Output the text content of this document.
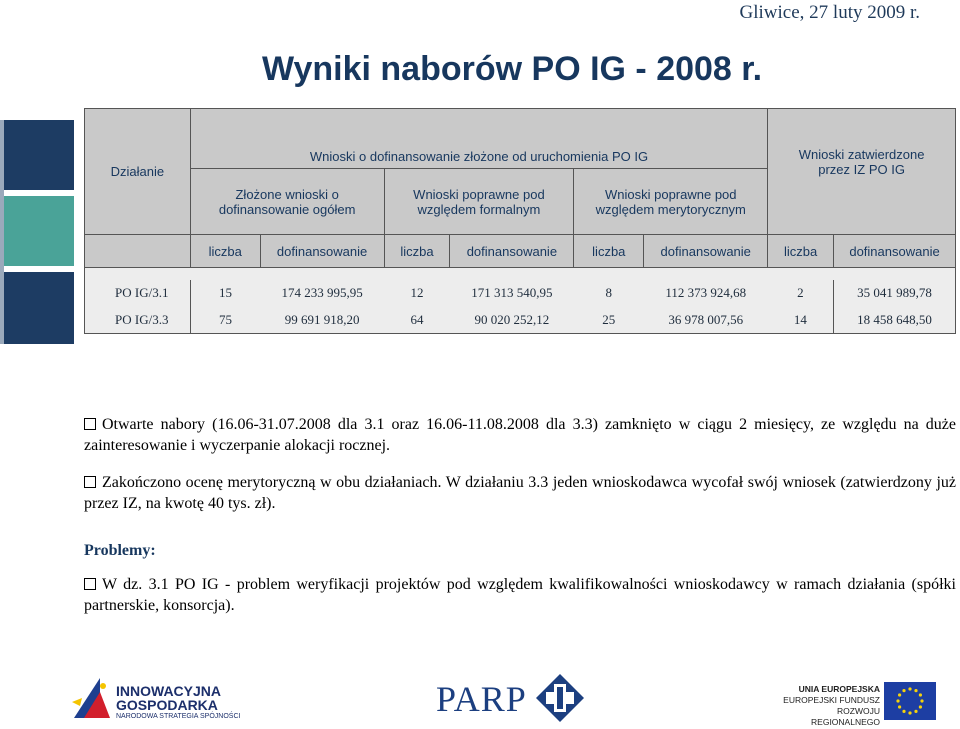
Gliwice, 27 luty 2009 r.
Wyniki naborów PO IG - 2008 r.
Działanie	Wnioski o dofinansowanie złożone od uruchomienia PO IG						Wnioski zatwierdzone przez IZ PO IG	

	Złożone wnioski o dofinansowanie ogółem		Wnioski poprawne pod względem formalnym		Wnioski poprawne pod względem merytorycznym			

	liczba	dofinansowanie	liczba	dofinansowanie	liczba	dofinansowanie	liczba	dofinansowanie

PO IG/3.1	15	174 233 995,95	12	171 313 540,95	8	112 373 924,68	2	35 041 989,78
PO IG/3.3	75	99 691 918,20	64	90 020 252,12	25	36 978 007,56	14	18 458 648,50
Otwarte nabory (16.06-31.07.2008 dla 3.1 oraz 16.06-11.08.2008 dla 3.3) zamknięto w ciągu 2 miesięcy, ze względu na duże zainteresowanie i wyczerpanie alokacji rocznej.
Zakończono ocenę merytoryczną w obu działaniach. W działaniu 3.3 jeden wnioskodawca wycofał swój wniosek (zatwierdzony już przez IZ, na kwotę 40 tys. zł).
Problemy:
W dz. 3.1 PO IG - problem weryfikacji projektów pod względem kwalifikowalności wnioskodawcy w ramach działania (spółki partnerskie, konsorcja).
INNOWACYJNA
GOSPODARKA
NARODOWA STRATEGIA SPÓJNOŚCI	PARP	UNIA EUROPEJSKA
EUROPEJSKI FUNDUSZ
ROZWOJU REGIONALNEGO
